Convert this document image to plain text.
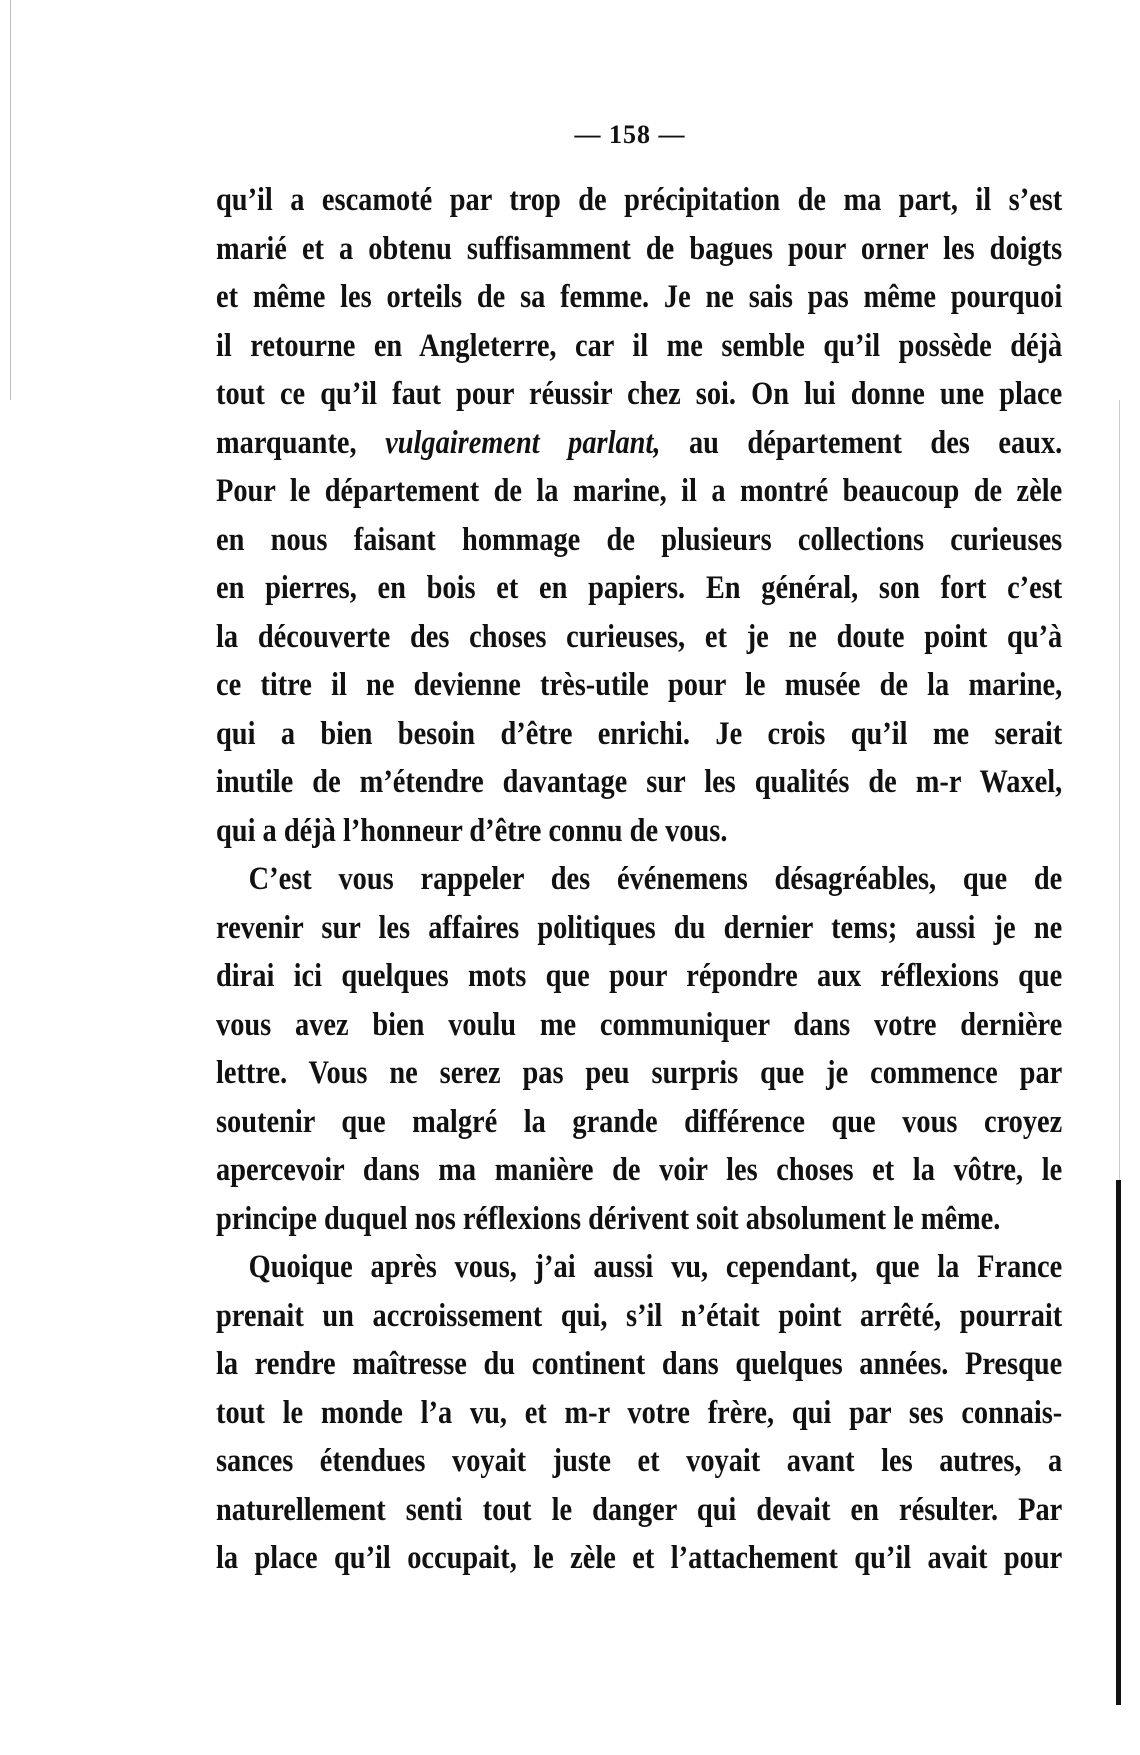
— 158 —
qu’il a escamoté par trop de précipitation de ma part, il s’est
marié et a obtenu suffisamment de bagues pour orner les doigts
et même les orteils de sa femme. Je ne sais pas même pourquoi
il retourne en Angleterre, car il me semble qu’il possède déjà
tout ce qu’il faut pour réussir chez soi. On lui donne une place
marquante, vulgairement parlant, au département des eaux.
Pour le département de la marine, il a montré beaucoup de zèle
en nous faisant hommage de plusieurs collections curieuses
en pierres, en bois et en papiers. En général, son fort c’est
la découverte des choses curieuses, et je ne doute point qu’à
ce titre il ne devienne très-utile pour le musée de la marine,
qui a bien besoin d’être enrichi. Je crois qu’il me serait
inutile de m’étendre davantage sur les qualités de m-r Waxel,
qui a déjà l’honneur d’être connu de vous.
C’est vous rappeler des événemens désagréables, que de
revenir sur les affaires politiques du dernier tems; aussi je ne
dirai ici quelques mots que pour répondre aux réflexions que
vous avez bien voulu me communiquer dans votre dernière
lettre. Vous ne serez pas peu surpris que je commence par
soutenir que malgré la grande différence que vous croyez
apercevoir dans ma manière de voir les choses et la vôtre, le
principe duquel nos réflexions dérivent soit absolument le même.
Quoique après vous, j’ai aussi vu, cependant, que la France
prenait un accroissement qui, s’il n’était point arrêté, pourrait
la rendre maîtresse du continent dans quelques années. Presque
tout le monde l’a vu, et m-r votre frère, qui par ses connais-
sances étendues voyait juste et voyait avant les autres, a
naturellement senti tout le danger qui devait en résulter. Par
la place qu’il occupait, le zèle et l’attachement qu’il avait pour
